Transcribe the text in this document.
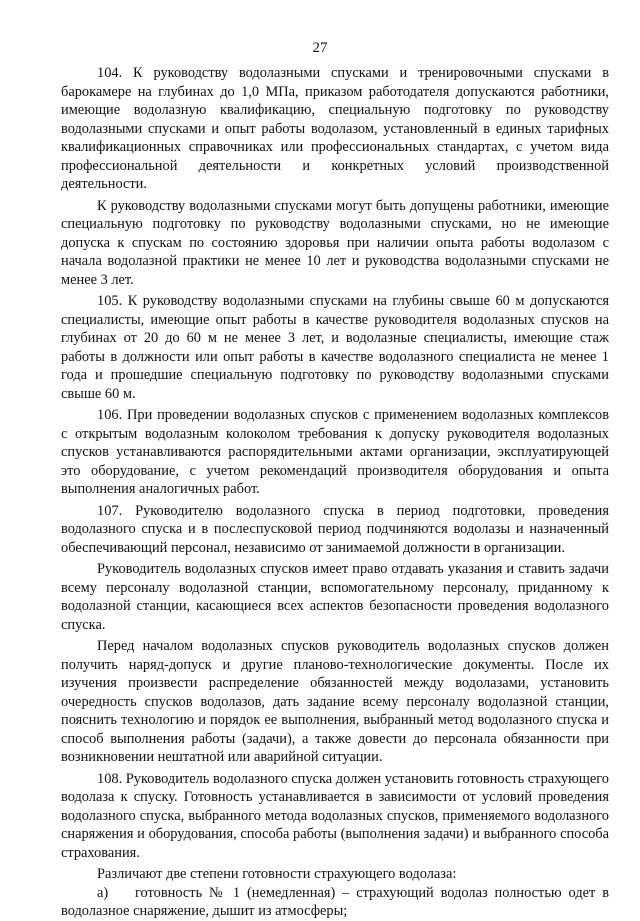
27

104. К руководству водолазными спусками и тренировочными спусками в барокамере на глубинах до 1,0 МПа, приказом работодателя допускаются работники, имеющие водолазную квалификацию, специальную подготовку по руководству водолазными спусками и опыт работы водолазом, установленный в единых тарифных квалификационных справочниках или профессиональных стандартах, с учетом вида профессиональной деятельности и конкретных условий производственной деятельности.

К руководству водолазными спусками могут быть допущены работники, имеющие специальную подготовку по руководству водолазными спусками, но не имеющие допуска к спускам по состоянию здоровья при наличии опыта работы водолазом с начала водолазной практики не менее 10 лет и руководства водолазными спусками не менее 3 лет.

105. К руководству водолазными спусками на глубины свыше 60 м допускаются специалисты, имеющие опыт работы в качестве руководителя водолазных спусков на глубинах от 20 до 60 м не менее 3 лет, и водолазные специалисты, имеющие стаж работы в должности или опыт работы в качестве водолазного специалиста не менее 1 года и прошедшие специальную подготовку по руководству водолазными спусками свыше 60 м.

106. При проведении водолазных спусков с применением водолазных комплексов с открытым водолазным колоколом требования к допуску руководителя водолазных спусков устанавливаются распорядительными актами организации, эксплуатирующей это оборудование, с учетом рекомендаций производителя оборудования и опыта выполнения аналогичных работ.

107. Руководителю водолазного спуска в период подготовки, проведения водолазного спуска и в послеспусковой период подчиняются водолазы и назначенный обеспечивающий персонал, независимо от занимаемой должности в организации.

Руководитель водолазных спусков имеет право отдавать указания и ставить задачи всему персоналу водолазной станции, вспомогательному персоналу, приданному к водолазной станции, касающиеся всех аспектов безопасности проведения водолазного спуска.

Перед началом водолазных спусков руководитель водолазных спусков должен получить наряд-допуск и другие планово-технологические документы. После их изучения произвести распределение обязанностей между водолазами, установить очередность спусков водолазов, дать задание всему персоналу водолазной станции, пояснить технологию и порядок ее выполнения, выбранный метод водолазного спуска и способ выполнения работы (задачи), а также довести до персонала обязанности при возникновении нештатной или аварийной ситуации.

108. Руководитель водолазного спуска должен установить готовность страхующего водолаза к спуску. Готовность устанавливается в зависимости от условий проведения водолазного спуска, выбранного метода водолазных спусков, применяемого водолазного снаряжения и оборудования, способа работы (выполнения задачи) и выбранного способа страхования.

Различают две степени готовности страхующего водолаза:

а) готовность № 1 (немедленная) – страхующий водолаз полностью одет в водолазное снаряжение, дышит из атмосферы;
